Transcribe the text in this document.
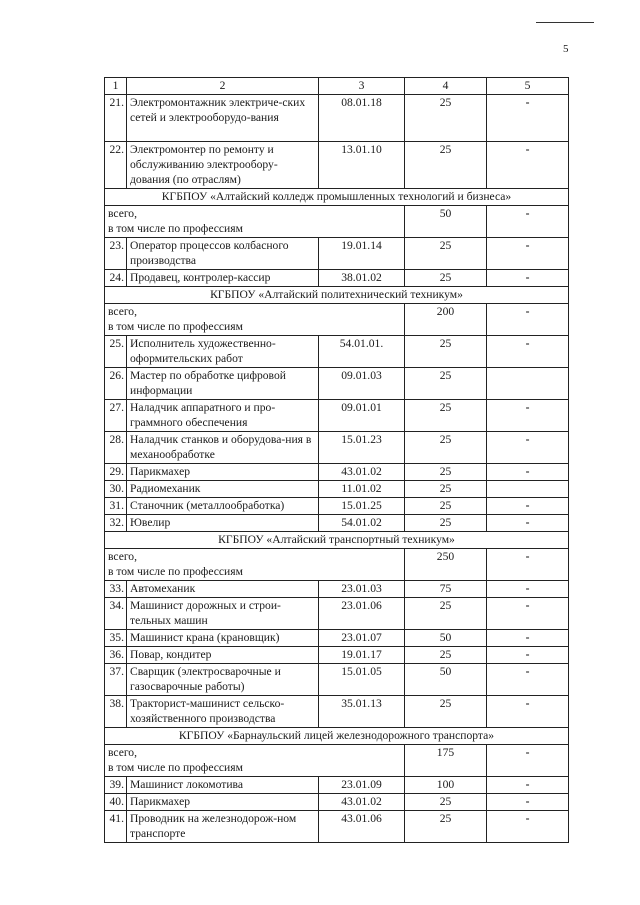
5
1	2	3	4	5
21.	Электромонтажник электриче-ских сетей и электрооборудо-вания	08.01.18	25	-
22.	Электромонтер по ремонту и обслуживанию электрообору-дования (по отраслям)	13.01.10	25	-
КГБПОУ «Алтайский колледж промышленных технологий и бизнеса»				
всего,
в том числе по профессиям			50	-
23.	Оператор процессов колбасного производства	19.01.14	25	-
24.	Продавец, контролер-кассир	38.01.02	25	-
КГБПОУ «Алтайский политехнический техникум»				
всего,
в том числе по профессиям			200	-
25.	Исполнитель художественно-оформительских работ	54.01.01.	25	-
26.	Мастер по обработке цифровой информации	09.01.03	25	
27.	Наладчик аппаратного и про-граммного обеспечения	09.01.01	25	-
28.	Наладчик станков и оборудова-ния в механообработке	15.01.23	25	-
29.	Парикмахер	43.01.02	25	-
30.	Радиомеханик	11.01.02	25	
31.	Станочник (металлообработка)	15.01.25	25	-
32.	Ювелир	54.01.02	25	-
КГБПОУ «Алтайский транспортный техникум»				
всего,
в том числе по профессиям			250	-
33.	Автомеханик	23.01.03	75	-
34.	Машинист дорожных и строи-тельных машин	23.01.06	25	-
35.	Машинист крана (крановщик)	23.01.07	50	-
36.	Повар, кондитер	19.01.17	25	-
37.	Сварщик (электросварочные и газосварочные работы)	15.01.05	50	-
38.	Тракторист-машинист сельско-хозяйственного производства	35.01.13	25	-
КГБПОУ «Барнаульский лицей железнодорожного транспорта»				
всего,
в том числе по профессиям			175	-
39.	Машинист локомотива	23.01.09	100	-
40.	Парикмахер	43.01.02	25	-
41.	Проводник на железнодорож-ном транспорте	43.01.06	25	-
